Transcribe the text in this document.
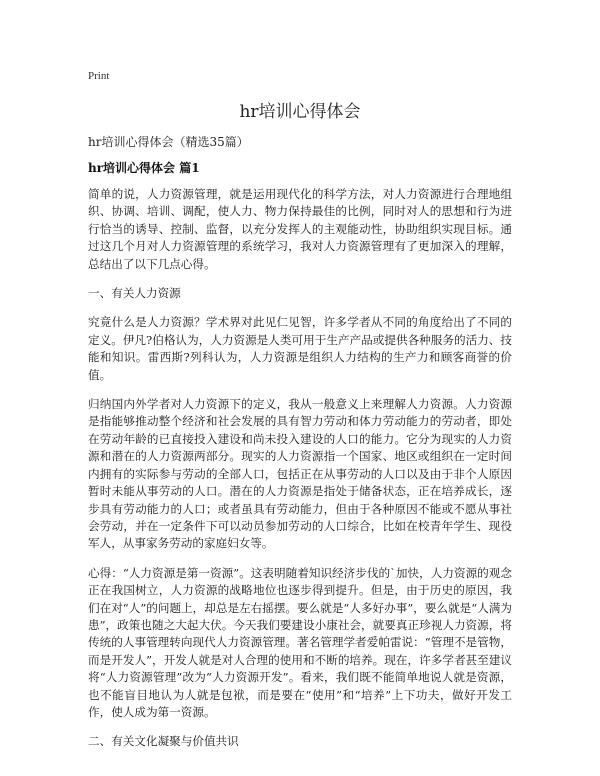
Print
hr培训心得体会

hr培训心得体会（精选35篇）

hr培训心得体会 篇1

简单的说，人力资源管理，就是运用现代化的科学方法，对人力资源进行合理地组织、协调、培训、调配，使人力、物力保持最佳的比例，同时对人的思想和行为进行恰当的诱导、控制、监督，以充分发挥人的主观能动性，协助组织实现目标。通过这几个月对人力资源管理的系统学习，我对人力资源管理有了更加深入的理解，总结出了以下几点心得。

一、有关人力资源

究竟什么是人力资源？学术界对此见仁见智，许多学者从不同的角度给出了不同的定义。伊凡?伯格认为，人力资源是人类可用于生产产品或提供各种服务的活力、技能和知识。雷西斯?列科认为，人力资源是组织人力结构的生产力和顾客商誉的价值。

归纳国内外学者对人力资源下的定义，我从一般意义上来理解人力资源。人力资源是指能够推动整个经济和社会发展的具有智力劳动和体力劳动能力的劳动者，即处在劳动年龄的已直接投入建设和尚未投入建设的人口的能力。它分为现实的人力资源和潜在的人力资源两部分。现实的人力资源指一个国家、地区或组织在一定时间内拥有的实际参与劳动的全部人口，包括正在从事劳动的人口以及由于非个人原因暂时未能从事劳动的人口。潜在的人力资源是指处于储备状态，正在培养成长，逐步具有劳动能力的人口；或者虽具有劳动能力，但由于各种原因不能或不愿从事社会劳动，并在一定条件下可以动员参加劳动的人口综合，比如在校青年学生、现役军人，从事家务劳动的家庭妇女等。

心得：“人力资源是第一资源”。这表明随着知识经济步伐的`加快，人力资源的观念正在我国树立，人力资源的战略地位也逐步得到提升。但是，由于历史的原因，我们在对“人”的问题上，却总是左右摇摆。要么就是“人多好办事”，要么就是“人满为患”，政策也随之大起大伏。今天我们要建设小康社会，就要真正珍视人力资源，将传统的人事管理转向现代人力资源管理。著名管理学者爱帕雷说：“管理不是管物，而是开发人”，开发人就是对人合理的使用和不断的培养。现在，许多学者甚至建议将“人力资源管理”改为“人力资源开发”。看来，我们既不能简单地说人就是资源，也不能盲目地认为人就是包袱，而是要在“使用”和“培养”上下功夫，做好开发工作，使人成为第一资源。

二、有关文化凝聚与价值共识
